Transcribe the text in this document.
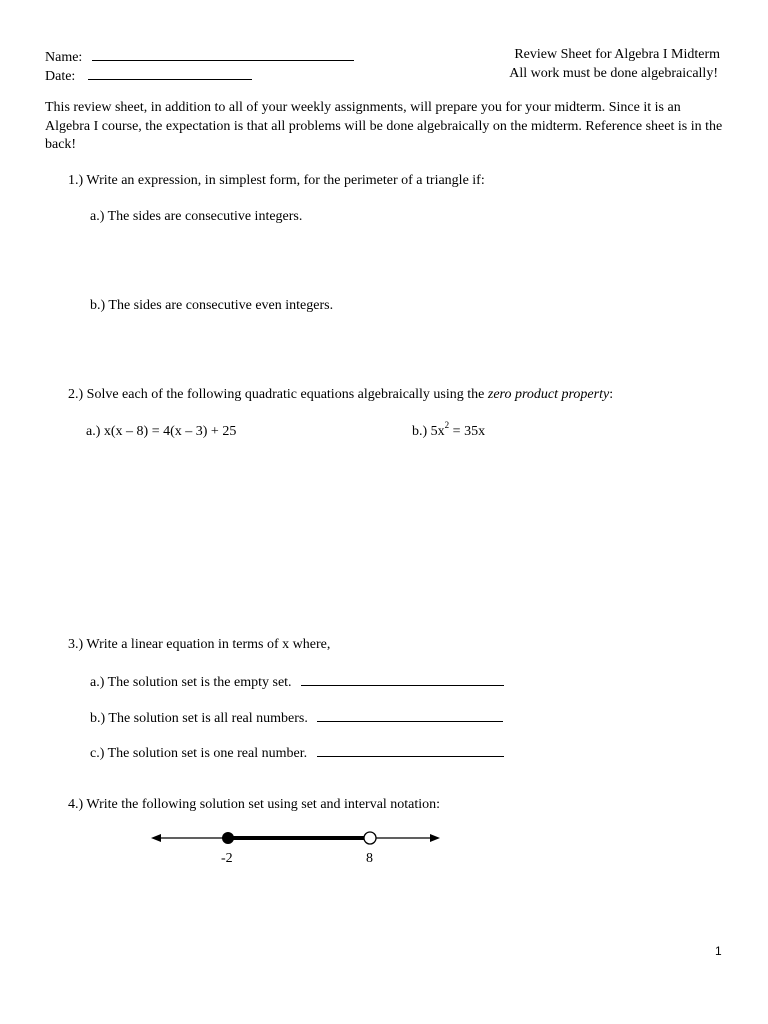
Name:
Date:
Review Sheet for Algebra I Midterm
All work must be done algebraically!
This review sheet, in addition to all of your weekly assignments, will prepare you for your midterm. Since it is an Algebra I course, the expectation is that all problems will be done algebraically on the midterm. Reference sheet is in the back!
1.) Write an expression, in simplest form, for the perimeter of a triangle if:
a.) The sides are consecutive integers.
b.) The sides are consecutive even integers.
2.) Solve each of the following quadratic equations algebraically using the zero product property:
a.) x(x – 8) = 4(x – 3) + 25	b.) $5x^2 = 35x$
3.) Write a linear equation in terms of x where,
a.) The solution set is the empty set.
b.) The solution set is all real numbers.
c.) The solution set is one real number.
4.) Write the following solution set using set and interval notation:
-2	8
1
